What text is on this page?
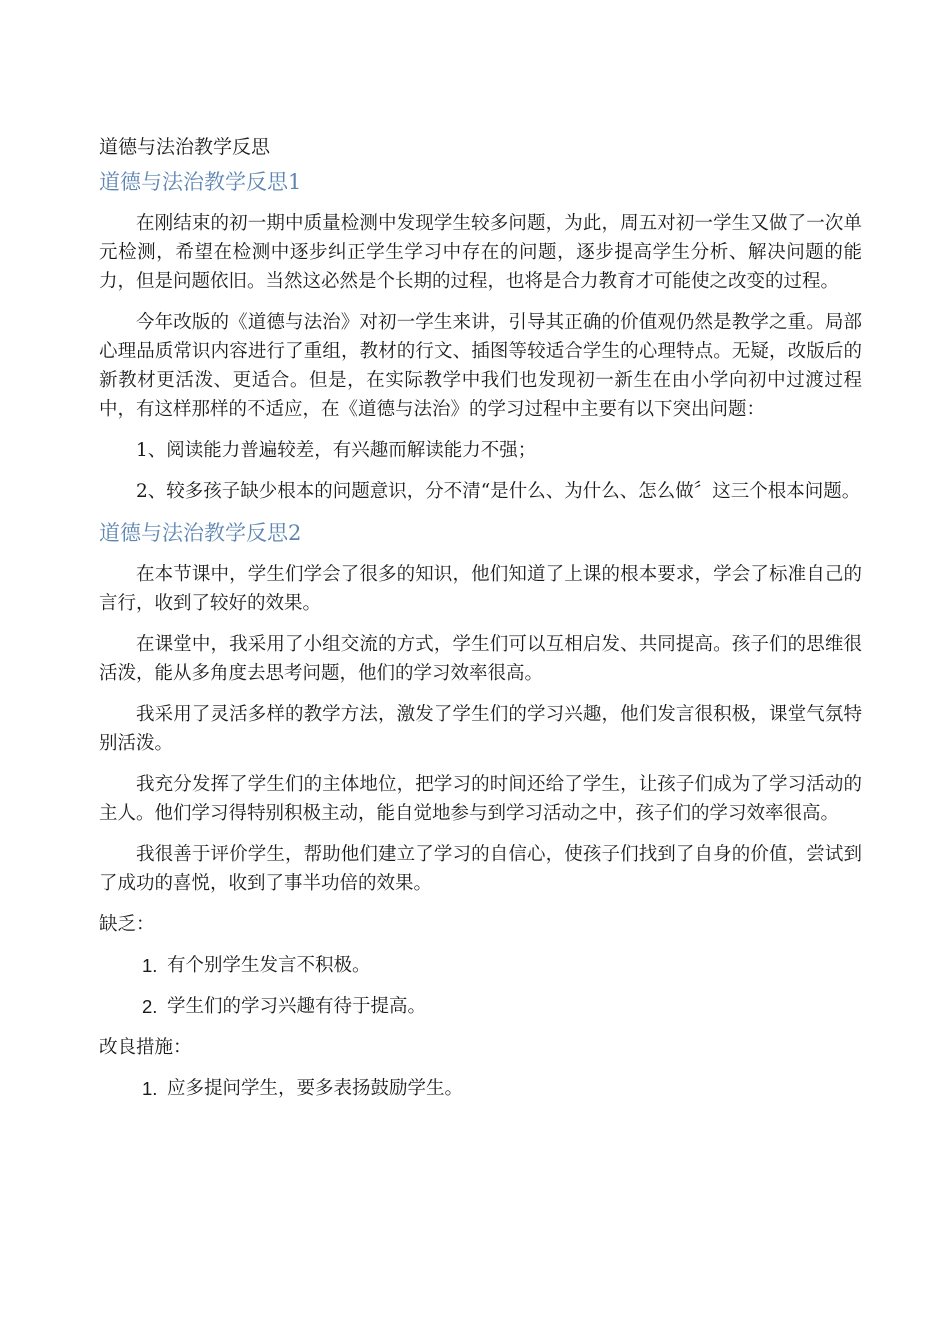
道德与法治教学反思
道德与法治教学反思1

在刚结束的初一期中质量检测中发现学生较多问题，为此，周五对初一学生又做了一次单元检测，希望在检测中逐步纠正学生学习中存在的问题，逐步提高学生分析、解决问题的能力，但是问题依旧。当然这必然是个长期的过程，也将是合力教育才可能使之改变的过程。

今年改版的《道德与法治》对初一学生来讲，引导其正确的价值观仍然是教学之重。局部心理品质常识内容进行了重组，教材的行文、插图等较适合学生的心理特点。无疑，改版后的新教材更活泼、更适合。但是，在实际教学中我们也发现初一新生在由小学向初中过渡过程中，有这样那样的不适应，在《道德与法治》的学习过程中主要有以下突出问题：

1、阅读能力普遍较差，有兴趣而解读能力不强；

2、较多孩子缺少根本的问题意识，分不清“是什么、为什么、怎么做〞这三个根本问题。

道德与法治教学反思2

在本节课中，学生们学会了很多的知识，他们知道了上课的根本要求，学会了标准自己的言行，收到了较好的效果。

在课堂中，我采用了小组交流的方式，学生们可以互相启发、共同提高。孩子们的思维很活泼，能从多角度去思考问题，他们的学习效率很高。

我采用了灵活多样的教学方法，激发了学生们的学习兴趣，他们发言很积极，课堂气氛特别活泼。

我充分发挥了学生们的主体地位，把学习的时间还给了学生，让孩子们成为了学习活动的主人。他们学习得特别积极主动，能自觉地参与到学习活动之中，孩子们的学习效率很高。

我很善于评价学生，帮助他们建立了学习的自信心，使孩子们找到了自身的价值，尝试到了成功的喜悦，收到了事半功倍的效果。

缺乏：

1. 有个别学生发言不积极。
2. 学生们的学习兴趣有待于提高。

改良措施：

1. 应多提问学生，要多表扬鼓励学生。
